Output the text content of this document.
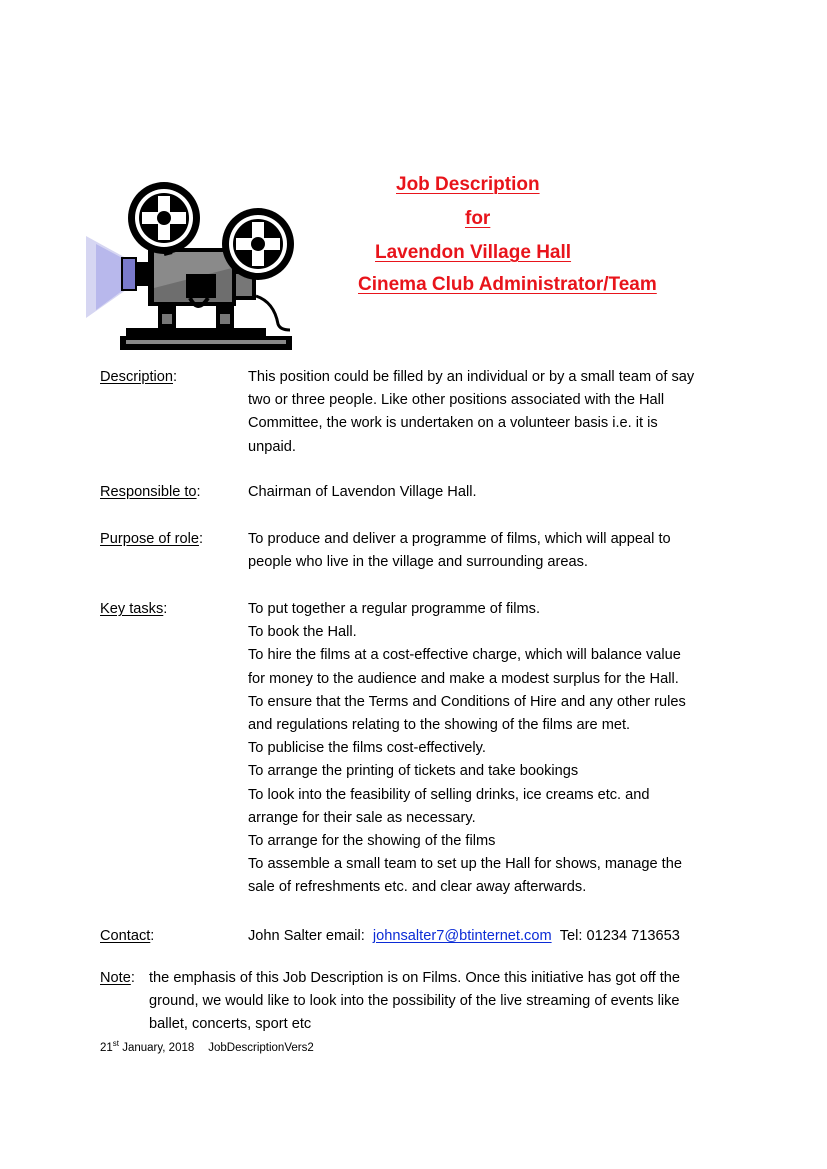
Job Description
for
Lavendon Village Hall
Cinema Club Administrator/Team
Description:	This position could be filled by an individual or by a small team of say

two or three people. Like other positions associated with the Hall

Committee, the work is undertaken on a volunteer basis i.e. it is

unpaid.

Responsible to:	Chairman of Lavendon Village Hall.

Purpose of role:	To produce and deliver a programme of films, which will appeal to

people who live in the village and surrounding areas.

Key tasks:	To put together a regular programme of films.

To book the Hall.

To hire the films at a cost-effective charge, which will balance value

for money to the audience and make a modest surplus for the Hall.

To ensure that the Terms and Conditions of Hire and any other rules

and regulations relating to the showing of the films are met.

To publicise the films cost-effectively.

To arrange the printing of tickets and take bookings

To look into the feasibility of selling drinks, ice creams etc. and

arrange for their sale as necessary.

To arrange for the showing of the films

To assemble a small team to set up the Hall for shows, manage the

sale of refreshments etc. and clear away afterwards.

Contact:	John Salter email: johnsalter7@btinternet.com Tel: 01234 713653
Note: the emphasis of this Job Description is on Films. Once this initiative has got off the
ground, we would like to look into the possibility of the live streaming of events like
ballet, concerts, sport etc
21st January, 2018 JobDescriptionVers2
